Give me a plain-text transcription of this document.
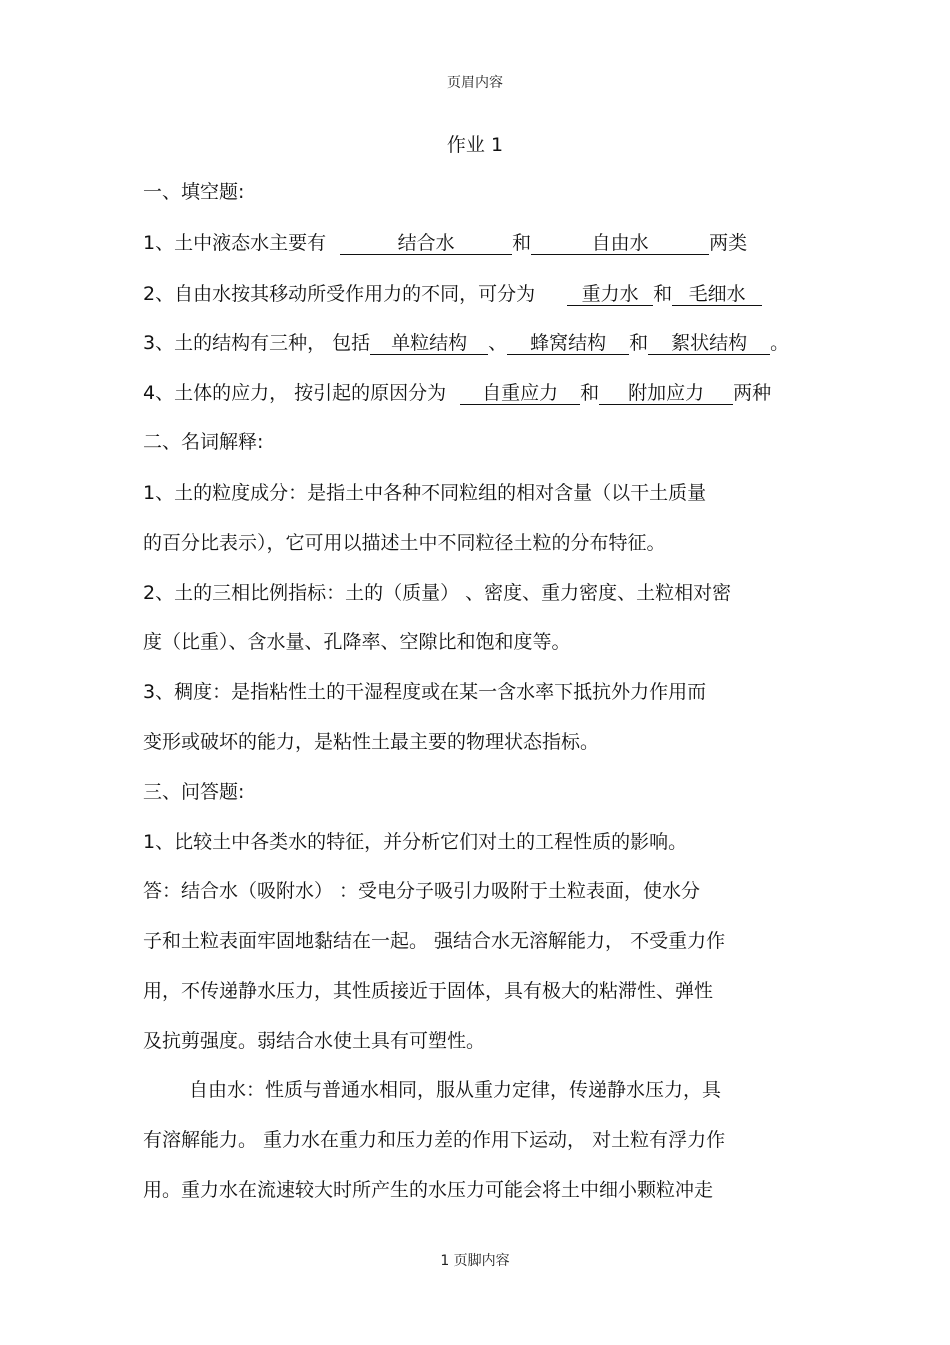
页眉内容
作业 1
一、填空题:
1、土中液态水主要有	结合水	和	自由水	两类
2、自由水按其移动所受作用力的不同，可分为 重力水 和 毛细水
3、土的结构有三种， 包括 单粒结构 、 蜂窝结构 和 絮状结构 。
4、土体的应力， 按引起的原因分为 自重应力 和 附加应力 两种
二、名词解释:
1、土的粒度成分：是指土中各种不同粒组的相对含量（以干土质量
的百分比表示），它可用以描述土中不同粒径土粒的分布特征。
2、土的三相比例指标：土的（质量） 、密度、重力密度、土粒相对密
度（比重）、含水量、孔降率、空隙比和饱和度等。
3、稠度：是指粘性土的干湿程度或在某一含水率下抵抗外力作用而
变形或破坏的能力，是粘性土最主要的物理状态指标。
三、问答题:
1、比较土中各类水的特征，并分析它们对土的工程性质的影响。
答：结合水（吸附水） ：受电分子吸引力吸附于土粒表面，使水分
子和土粒表面牢固地黏结在一起。 强结合水无溶解能力， 不受重力作
用，不传递静水压力，其性质接近于固体，具有极大的粘滞性、弹性
及抗剪强度。弱结合水使土具有可塑性。
自由水：性质与普通水相同，服从重力定律，传递静水压力，具
有溶解能力。 重力水在重力和压力差的作用下运动， 对土粒有浮力作
用。重力水在流速较大时所产生的水压力可能会将土中细小颗粒冲走
1 页脚内容
